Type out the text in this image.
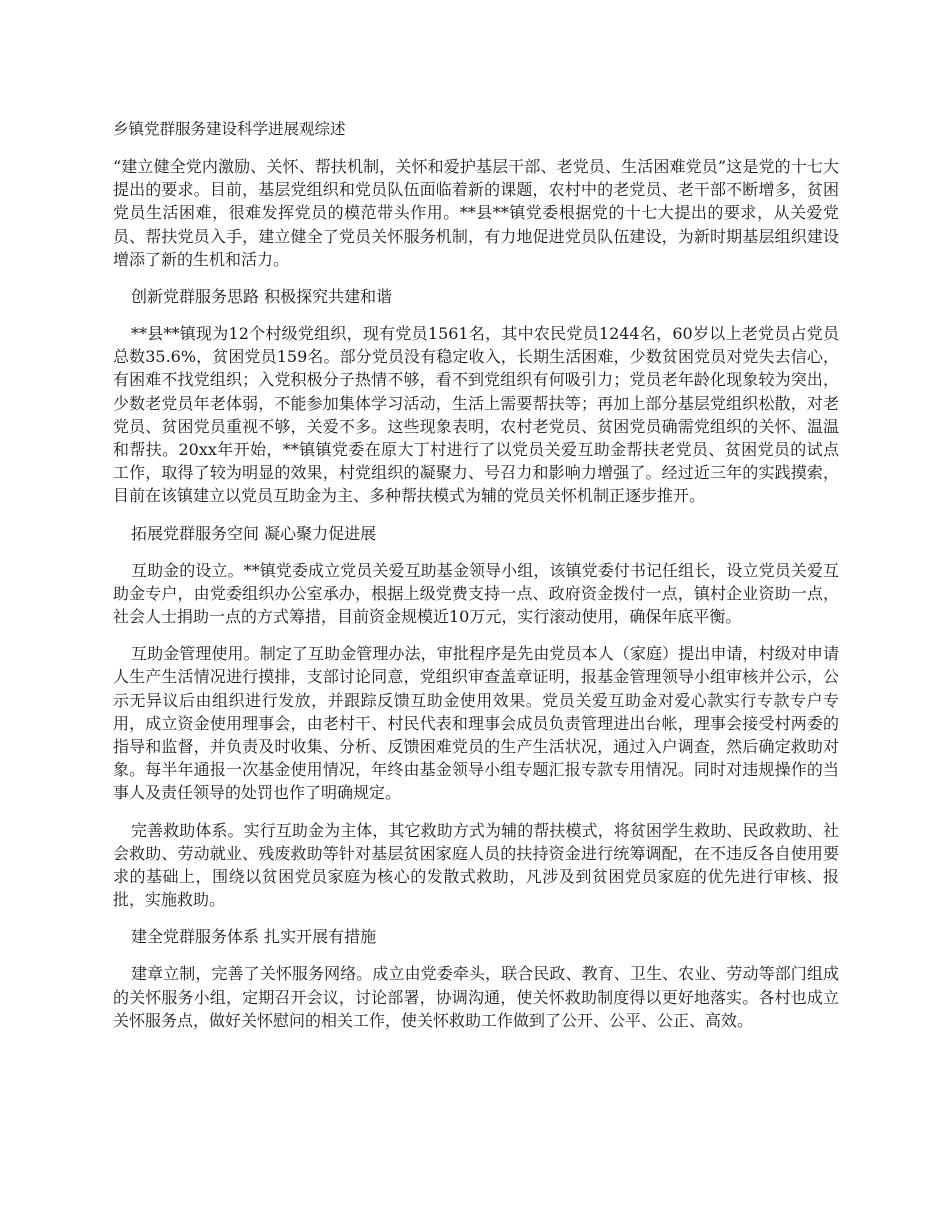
乡镇党群服务建设科学进展观综述

“建立健全党内激励、关怀、帮扶机制，关怀和爱护基层干部、老党员、生活困难党员”这是党的十七大提出的要求。目前，基层党组织和党员队伍面临着新的课题，农村中的老党员、老干部不断增多，贫困党员生活困难，很难发挥党员的模范带头作用。**县**镇党委根据党的十七大提出的要求，从关爱党员、帮扶党员入手，建立健全了党员关怀服务机制，有力地促进党员队伍建设，为新时期基层组织建设增添了新的生机和活力。

创新党群服务思路 积极探究共建和谐

**县**镇现为12个村级党组织，现有党员1561名，其中农民党员1244名，60岁以上老党员占党员总数35.6%，贫困党员159名。部分党员没有稳定收入，长期生活困难，少数贫困党员对党失去信心，有困难不找党组织；入党积极分子热情不够，看不到党组织有何吸引力；党员老年龄化现象较为突出，少数老党员年老体弱，不能参加集体学习活动，生活上需要帮扶等；再加上部分基层党组织松散，对老党员、贫困党员重视不够，关爱不多。这些现象表明，农村老党员、贫困党员确需党组织的关怀、温温和帮扶。20xx年开始，**镇镇党委在原大丁村进行了以党员关爱互助金帮扶老党员、贫困党员的试点工作，取得了较为明显的效果，村党组织的凝聚力、号召力和影响力增强了。经过近三年的实践摸索，目前在该镇建立以党员互助金为主、多种帮扶模式为辅的党员关怀机制正逐步推开。

拓展党群服务空间 凝心聚力促进展

互助金的设立。**镇党委成立党员关爱互助基金领导小组，该镇党委付书记任组长，设立党员关爱互助金专户，由党委组织办公室承办，根据上级党费支持一点、政府资金拨付一点，镇村企业资助一点，社会人士捐助一点的方式筹措，目前资金规模近10万元，实行滚动使用，确保年底平衡。

互助金管理使用。制定了互助金管理办法，审批程序是先由党员本人（家庭）提出申请，村级对申请人生产生活情况进行摸排，支部讨论同意，党组织审查盖章证明，报基金管理领导小组审核并公示，公示无异议后由组织进行发放，并跟踪反馈互助金使用效果。党员关爱互助金对爱心款实行专款专户专用，成立资金使用理事会，由老村干、村民代表和理事会成员负责管理进出台帐，理事会接受村两委的指导和监督，并负责及时收集、分析、反馈困难党员的生产生活状况，通过入户调查，然后确定救助对象。每半年通报一次基金使用情况，年终由基金领导小组专题汇报专款专用情况。同时对违规操作的当事人及责任领导的处罚也作了明确规定。

完善救助体系。实行互助金为主体，其它救助方式为辅的帮扶模式，将贫困学生救助、民政救助、社会救助、劳动就业、残废救助等针对基层贫困家庭人员的扶持资金进行统筹调配，在不违反各自使用要求的基础上，围绕以贫困党员家庭为核心的发散式救助，凡涉及到贫困党员家庭的优先进行审核、报批，实施救助。

建全党群服务体系 扎实开展有措施

建章立制，完善了关怀服务网络。成立由党委牵头，联合民政、教育、卫生、农业、劳动等部门组成的关怀服务小组，定期召开会议，讨论部署，协调沟通，使关怀救助制度得以更好地落实。各村也成立关怀服务点，做好关怀慰问的相关工作，使关怀救助工作做到了公开、公平、公正、高效。
